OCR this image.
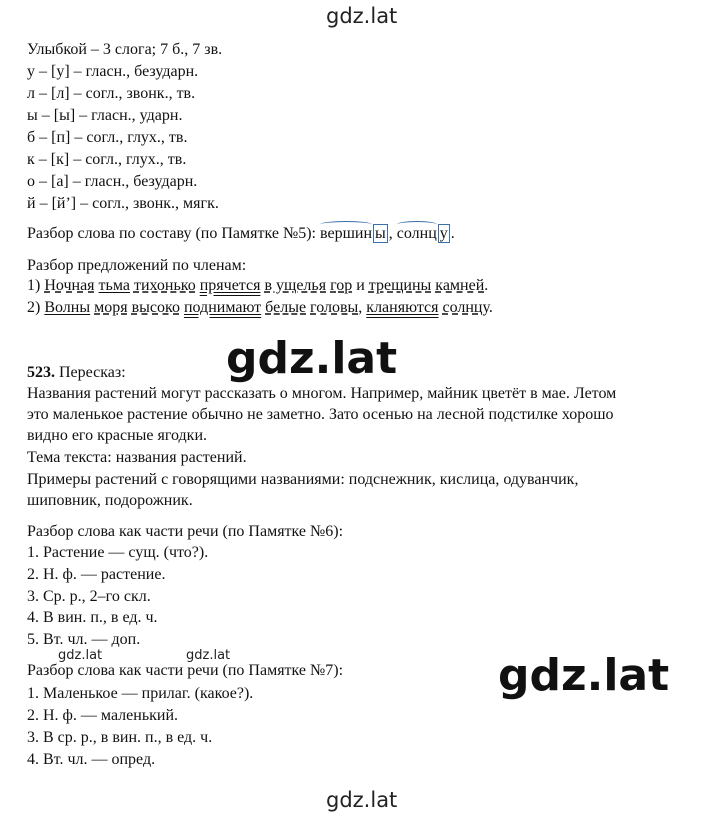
gdz.lat
gdz.lat
gdz.lat
gdz.lat	gdz.lat
gdz.lat
Улыбкой – 3 слога; 7 б., 7 зв.
у – [у] – гласн., безударн.
л – [л] – согл., звонк., тв.
ы – [ы] – гласн., ударн.
б – [п] – согл., глух., тв.
к – [к] – согл., глух., тв.
о – [а] – гласн., безударн.
й – [й’] – согл., звонк., мягк.
Разбор слова по составу (по Памятке №5): вершин ы , солнц у .
Разбор предложений по членам:
1) Ночная тьма тихонько прячется в ущелья гор и трещины камней.
2) Волны моря высоко поднимают белые головы, кланяются солнцу.
523. Пересказ:
Названия растений могут рассказать о многом. Например, майник цветёт в мае. Летом
это маленькое растение обычно не заметно. Зато осенью на лесной подстилке хорошо
видно его красные ягодки.
Тема текста: названия растений.
Примеры растений с говорящими названиями: подснежник, кислица, одуванчик,
шиповник, подорожник.
Разбор слова как части речи (по Памятке №6):
1. Растение — сущ. (что?).
2. Н. ф. — растение.
3. Ср. р., 2–го скл.
4. В вин. п., в ед. ч.
5. Вт. чл. — доп.
Разбор слова как части речи (по Памятке №7):
1. Маленькое — прилаг. (какое?).
2. Н. ф. — маленький.
3. В ср. р., в вин. п., в ед. ч.
4. Вт. чл. — опред.
